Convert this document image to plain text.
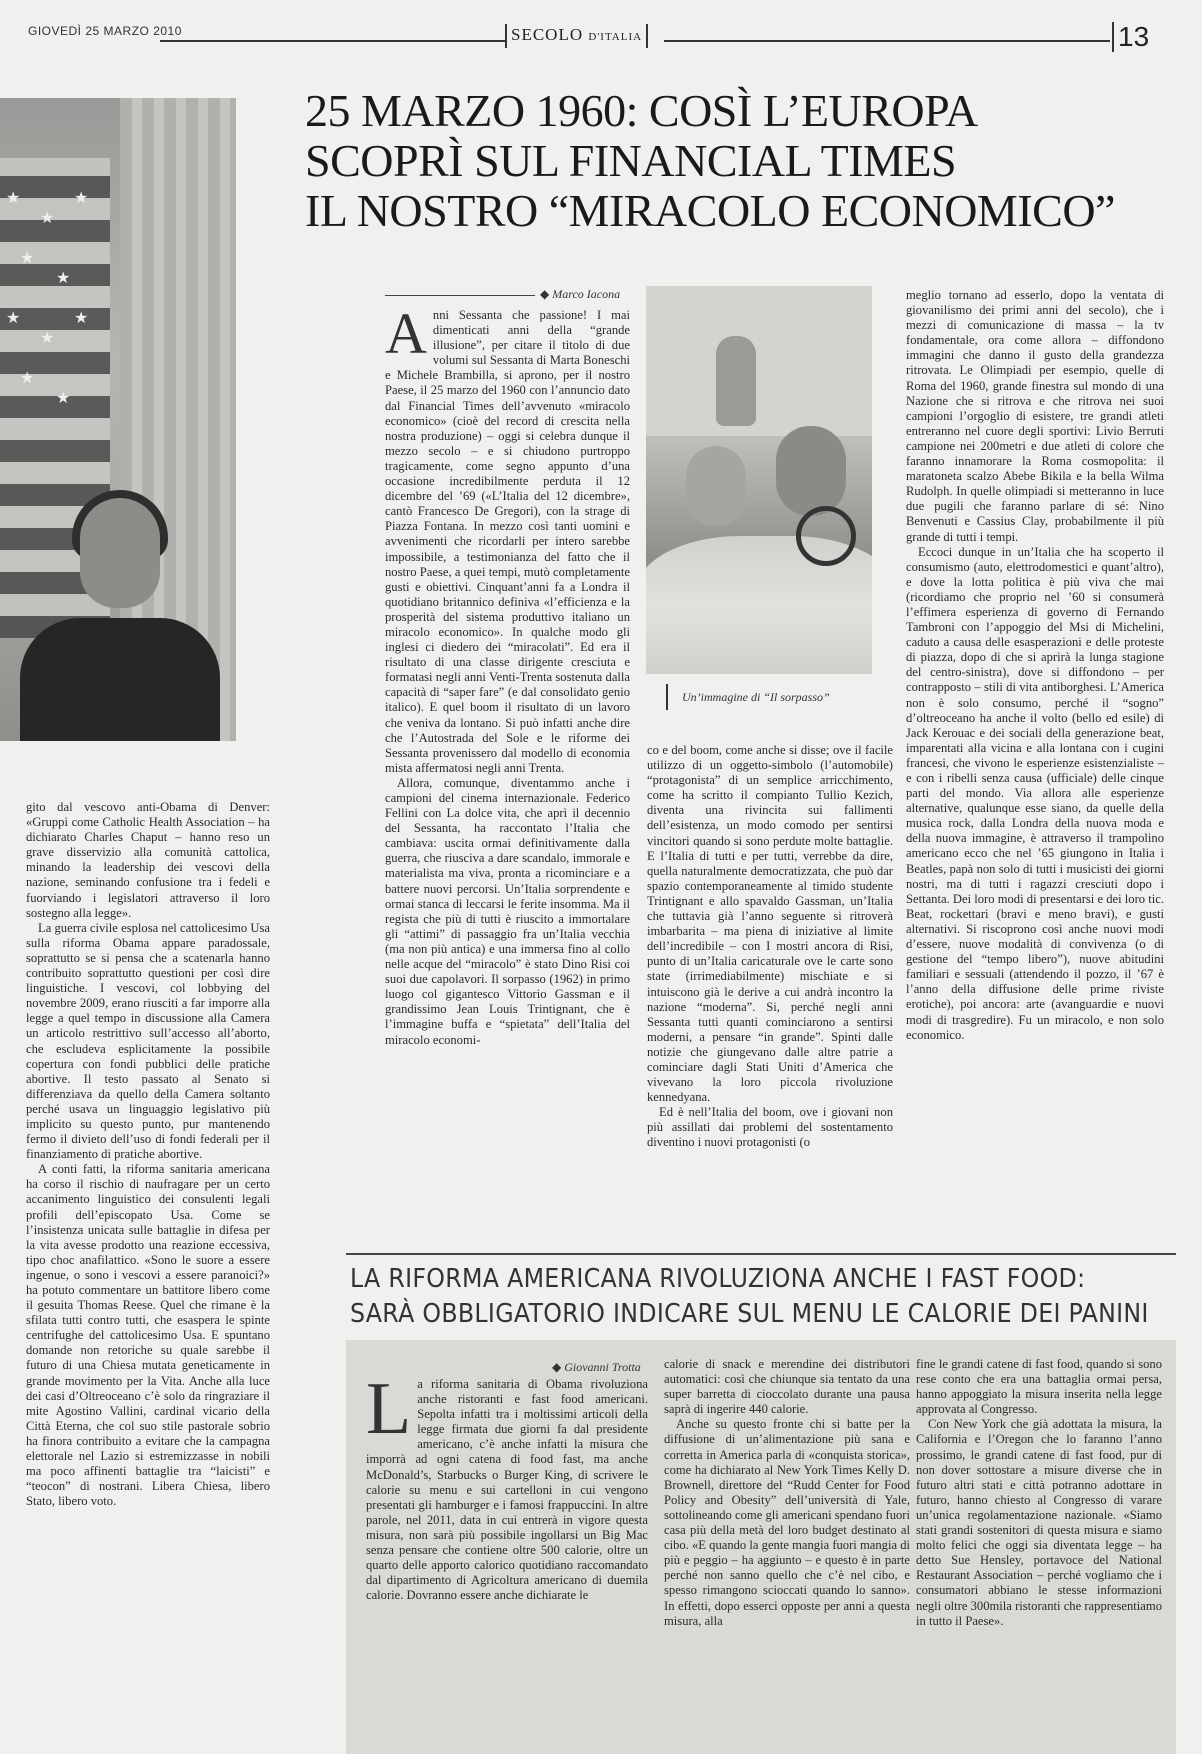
GIOVEDÌ 25 MARZO 2010	SECOLO D'ITALIA	13
★
★
★
★
★
★
★
★
★
★
25 MARZO 1960: COSÌ L’EUROPA
SCOPRÌ SUL FINANCIAL TIMES
IL NOSTRO “MIRACOLO ECONOMICO”
◆ Marco Iacona

Anni Sessanta che passione! I mai dimenticati anni della “grande illusione”, per citare il titolo di due volumi sul Sessanta di Marta Boneschi e Michele Brambilla, si aprono, per il nostro Paese, il 25 marzo del 1960 con l’annuncio dato dal Financial Times dell’avvenuto «miracolo economico» (cioè del record di crescita nella nostra produzione) – oggi si celebra dunque il mezzo secolo – e si chiudono purtroppo tragicamente, come segno appunto d’una occasione incredibilmente perduta il 12 dicembre del ’69 («L’Italia del 12 dicembre», cantò Francesco De Gregori), con la strage di Piazza Fontana. In mezzo così tanti uomini e avvenimenti che ricordarli per intero sarebbe impossibile, a testimonianza del fatto che il nostro Paese, a quei tempi, mutò completamente gusti e obiettivi. Cinquant’anni fa a Londra il quotidiano britannico definiva «l’efficienza e la prosperità del sistema produttivo italiano un miracolo economico». In qualche modo gli inglesi ci diedero dei “miracolati”. Ed era il risultato di una classe dirigente cresciuta e formatasi negli anni Venti-Trenta sostenuta dalla capacità di “saper fare” (e dal consolidato genio italico). E quel boom il risultato di un lavoro che veniva da lontano. Si può infatti anche dire che l’Autostrada del Sole e le riforme dei Sessanta provenissero dal modello di economia mista affermatosi negli anni Trenta.

Allora, comunque, diventammo anche i campioni del cinema internazionale. Federico Fellini con La dolce vita, che aprì il decennio del Sessanta, ha raccontato l’Italia che cambiava: uscita ormai definitivamente dalla guerra, che riusciva a dare scandalo, immorale e materialista ma viva, pronta a ricominciare e a battere nuovi percorsi. Un’Italia sorprendente e ormai stanca di leccarsi le ferite insomma. Ma il regista che più di tutti è riuscito a immortalare gli “attimi” di passaggio fra un’Italia vecchia (ma non più antica) e una immersa fino al collo nelle acque del “miracolo” è stato Dino Risi coi suoi due capolavori. Il sorpasso (1962) in primo luogo col gigantesco Vittorio Gassman e il grandissimo Jean Louis Trintignant, che è l’immagine buffa e “spietata” dell’Italia del miracolo economi-

Un’immagine di “Il sorpasso”

co e del boom, come anche si disse; ove il facile utilizzo di un oggetto-simbolo (l’automobile) “protagonista” di un semplice arricchimento, come ha scritto il compianto Tullio Kezich, diventa una rivincita sui fallimenti dell’esistenza, un modo comodo per sentirsi vincitori quando si sono perdute molte battaglie. E l’Italia di tutti e per tutti, verrebbe da dire, quella naturalmente democratizzata, che può dar spazio contemporaneamente al timido studente Trintignant e allo spavaldo Gassman, un’Italia che tuttavia già l’anno seguente si ritroverà imbarbarita – ma piena di iniziative al limite dell’incredibile – con I mostri ancora di Risi, punto di un’Italia caricaturale ove le carte sono state (irrimediabilmente) mischiate e si intuiscono già le derive a cui andrà incontro la nazione “moderna”. Si, perché negli anni Sessanta tutti quanti cominciarono a sentirsi moderni, a pensare “in grande”. Spinti dalle notizie che giungevano dalle altre patrie a cominciare dagli Stati Uniti d’America che vivevano la loro piccola rivoluzione kennedyana.

Ed è nell’Italia del boom, ove i giovani non più assillati dai problemi del sostentamento diventino i nuovi protagonisti (o

meglio tornano ad esserlo, dopo la ventata di giovanilismo dei primi anni del secolo), che i mezzi di comunicazione di massa – la tv fondamentale, ora come allora – diffondono immagini che danno il gusto della grandezza ritrovata. Le Olimpiadi per esempio, quelle di Roma del 1960, grande finestra sul mondo di una Nazione che si ritrova e che ritrova nei suoi campioni l’orgoglio di esistere, tre grandi atleti entreranno nel cuore degli sportivi: Livio Berruti campione nei 200metri e due atleti di colore che faranno innamorare la Roma cosmopolita: il maratoneta scalzo Abebe Bikila e la bella Wilma Rudolph. In quelle olimpiadi si metteranno in luce due pugili che faranno parlare di sé: Nino Benvenuti e Cassius Clay, probabilmente il più grande di tutti i tempi.

Eccoci dunque in un’Italia che ha scoperto il consumismo (auto, elettrodomestici e quant’altro), e dove la lotta politica è più viva che mai (ricordiamo che proprio nel ’60 si consumerà l’effimera esperienza di governo di Fernando Tambroni con l’appoggio del Msi di Michelini, caduto a causa delle esasperazioni e delle proteste di piazza, dopo di che si aprirà la lunga stagione del centro-sinistra), dove si diffondono – per contrapposto – stili di vita antiborghesi. L’America non è solo consumo, perché il “sogno” d’oltreoceano ha anche il volto (bello ed esile) di Jack Kerouac e dei sociali della generazione beat, imparentati alla vicina e alla lontana con i cugini francesi, che vivono le esperienze esistenzialiste – e con i ribelli senza causa (ufficiale) delle cinque parti del mondo. Via allora alle esperienze alternative, qualunque esse siano, da quelle della musica rock, dalla Londra della nuova moda e della nuova immagine, è attraverso il trampolino americano ecco che nel ’65 giungono in Italia i Beatles, papà non solo di tutti i musicisti dei giorni nostri, ma di tutti i ragazzi cresciuti dopo i Settanta. Dei loro modi di presentarsi e dei loro tic. Beat, rockettari (bravi e meno bravi), e gusti alternativi. Si riscoprono così anche nuovi modi d’essere, nuove modalità di convivenza (o di gestione del “tempo libero”), nuove abitudini familiari e sessuali (attendendo il pozzo, il ’67 è l’anno della diffusione delle prime riviste erotiche), poi ancora: arte (avanguardie e nuovi modi di trasgredire). Fu un miracolo, e non solo economico.

gito dal vescovo anti-Obama di Denver: «Gruppi come Catholic Health Association – ha dichiarato Charles Chaput – hanno reso un grave disservizio alla comunità cattolica, minando la leadership dei vescovi della nazione, seminando confusione tra i fedeli e fuorviando i legislatori attraverso il loro sostegno alla legge».

La guerra civile esplosa nel cattolicesimo Usa sulla riforma Obama appare paradossale, soprattutto se si pensa che a scatenarla hanno contribuito soprattutto questioni per così dire linguistiche. I vescovi, col lobbying del novembre 2009, erano riusciti a far imporre alla legge a quel tempo in discussione alla Camera un articolo restrittivo sull’accesso all’aborto, che escludeva esplicitamente la possibile copertura con fondi pubblici delle pratiche abortive. Il testo passato al Senato si differenziava da quello della Camera soltanto perché usava un linguaggio legislativo più implicito su questo punto, pur mantenendo fermo il divieto dell’uso di fondi federali per il finanziamento di pratiche abortive.

A conti fatti, la riforma sanitaria americana ha corso il rischio di naufragare per un certo accanimento linguistico dei consulenti legali profili dell’episcopato Usa. Come se l’insistenza unicata sulle battaglie in difesa per la vita avesse prodotto una reazione eccessiva, tipo choc anafilattico. «Sono le suore a essere ingenue, o sono i vescovi a essere paranoici?» ha potuto commentare un battitore libero come il gesuita Thomas Reese. Quel che rimane è la sfilata tutti contro tutti, che esaspera le spinte centrifughe del cattolicesimo Usa. E spuntano domande non retoriche su quale sarebbe il futuro di una Chiesa mutata geneticamente in grande movimento per la Vita. Anche alla luce dei casi d’Oltreoceano c’è solo da ringraziare il mite Agostino Vallini, cardinal vicario della Città Eterna, che col suo stile pastorale sobrio ha finora contribuito a evitare che la campagna elettorale nel Lazio si estremizzasse in nobili ma poco affinenti battaglie tra “laicisti” e “teocon” di nostrani. Libera Chiesa, libero Stato, libero voto.

LA RIFORMA AMERICANA RIVOLUZIONA ANCHE I FAST FOOD:
SARÀ OBBLIGATORIO INDICARE SUL MENU LE CALORIE DEI PANINI
◆ Giovanni Trotta

La riforma sanitaria di Obama rivoluziona anche ristoranti e fast food americani. Sepolta infatti tra i moltissimi articoli della legge firmata due giorni fa dal presidente americano, c’è anche infatti la misura che imporrà ad ogni catena di food fast, ma anche McDonald’s, Starbucks o Burger King, di scrivere le calorie su menu e sui cartelloni in cui vengono presentati gli hamburger e i famosi frappuccini. In altre parole, nel 2011, data in cui entrerà in vigore questa misura, non sarà più possibile ingollarsi un Big Mac senza pensare che contiene oltre 500 calorie, oltre un quarto delle apporto calorico quotidiano raccomandato dal dipartimento di Agricoltura americano di duemila calorie. Dovranno essere anche dichiarate le

calorie di snack e merendine dei distributori automatici: così che chiunque sia tentato da una super barretta di cioccolato durante una pausa saprà di ingerire 440 calorie.

Anche su questo fronte chi si batte per la diffusione di un’alimentazione più sana e corretta in America parla di «conquista storica», come ha dichiarato al New York Times Kelly D. Brownell, direttore del “Rudd Center for Food Policy and Obesity” dell’università di Yale, sottolineando come gli americani spendano fuori casa più della metà del loro budget destinato al cibo. «E quando la gente mangia fuori mangia di più e peggio – ha aggiunto – e questo è in parte perché non sanno quello che c’è nel cibo, e spesso rimangono scioccati quando lo sanno». In effetti, dopo esserci opposte per anni a questa misura, alla

fine le grandi catene di fast food, quando si sono rese conto che era una battaglia ormai persa, hanno appoggiato la misura inserita nella legge approvata al Congresso.

Con New York che già adottata la misura, la California e l’Oregon che lo faranno l’anno prossimo, le grandi catene di fast food, pur di non dover sottostare a misure diverse che in futuro altri stati e città potranno adottare in futuro, hanno chiesto al Congresso di varare un’unica regolamentazione nazionale. «Siamo stati grandi sostenitori di questa misura e siamo molto felici che oggi sia diventata legge – ha detto Sue Hensley, portavoce del National Restaurant Association – perché vogliamo che i consumatori abbiano le stesse informazioni negli oltre 300mila ristoranti che rappresentiamo in tutto il Paese».
